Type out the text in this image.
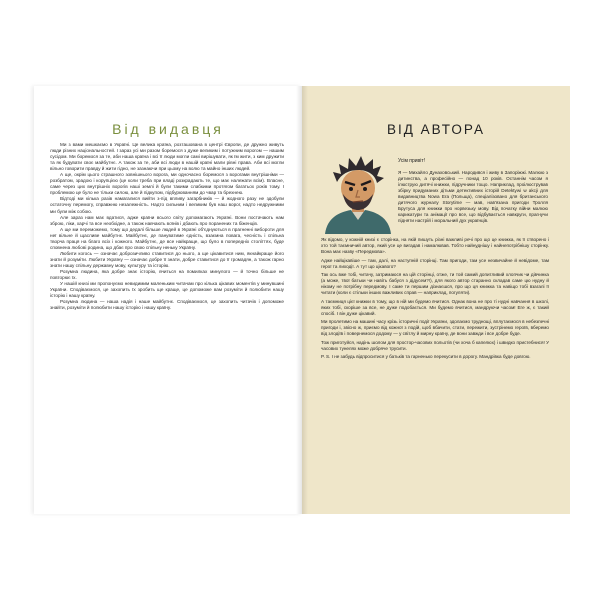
Від видавця

Ми з вами мешкаємо в Україні. Це велика країна, розташована в центрі Європи, де дружно живуть люди різних національностей. І зараз усі ми разом боремося з дуже великим і потужним ворогом — нашим сусідом. Ми боремося за те, аби наша країна і всі її люди могли самі вирішувати, як їм жити, з ким дружити та як будувати своє майбутнє. А також за те, аби всі люди в нашій країні мали рівні права. Аби всі могли вільно говорити правду й жити гідно, не зазнаючи при цьому на волю та майно інших людей.

А ще, окрім цього страшного зовнішнього ворога, ми одночасно боремося з ворогами внутрішніми — розбратом, зрадою і корупцією (це коли треба при владі розкрадають те, що має належати всім). Власне, саме через цих внутрішніх ворогів наші землі й були такими слабкими протягом багатьох років тому. І проблемою це було не тільки силою, але й підкупом, підбурюванням до чвар та брехнею.

Відтоді ми кілька разів намагалися вийти з-під впливу загарбників — й жодного разу не здобули остаточну перемогу, справжню незалежність. Надто сильним і великим був наш ворог, надто недружними ми були між собою.

Але зараз нам має вдатися, адже країни всього світу допомагають Україні. Вони постачають нам зброю, ліки, харчі та все необхідне, а також навчають воїнів і дбають про поранених та біженців.

А ще ми переможемо, тому що дедалі більше людей в Україні об'єднуються в прагненні вибороти для неї вільне й щасливе майбутнє. Майбутнє, де пануватиме єдність, взаємна повага, чесність і спільна творча праця на благо всіх і кожного. Майбутнє, де все найкраще, що було в попередніх століттях, буде сповнена любові родина, що дбає про свою спільну неньку Україну.

Любити когось — означає доброзичливо ставитися до нього, а ще цікавитися ним, якнайкраще його знати й розуміти. Любити Україну — означає добре її знати, добре ставитися до її громадян, а також гарно знати нашу спільну державну мову, культуру та історію.

Розумна людина, яка добре знає історію, вчиться на помилках минулого — й точно більше не повторює їх.

У нашій книзі ми пропонуємо невидимим маленьким читачам про кілька цікавих моментів у минувшині України. Сподіваємося, це захопить їх зробить ще краще, це допоможе вам розуміти й полюбити нашу історію і нашу країну.

Розумна людина — наша надія і наше майбутнє. Сподіваємося, це захопить читачів і допоможе знайти, розуміти й полюбити нашу історію і нашу країну.

ВІД АВТОРА
Усім привіт!

Я — Михайло Дунаховський. Народився і живу в Запоріжжі. Малюю з дитинства, а професійно — понад 10 років. Останнім часом я ілюструю дитячі книжки, підручники тощо. Наприклад, проілюстрував збірку придуманих дітьми детективних історій Detektywi w akcji для видавництва Nowa Era (Польща), спеціалізовано для британського дитячого журналу Storytime — мав, нав'язана пригоди Тролля Брутуса для книжки про норвезьку мову. Від початку війни малюю карикатури та анімації про все, що відбувається навкруги, прагнучи підняти настрій і моральний дух українців.

Як відомо, у кожній книзі є сторінка, на якій пишуть різні важливі речі про що це книжка, як її створено і хто той таємничий автор, який усе це вигадав і намалював. Тобто найнуднішу і найнепотрібнішу сторінку. Вона має назву «Передмова».

Адже найцікавіше — там, далі, на наступній сторінці. Там пригоди, там усе незвичайне й невідоме, там герої та лиходії. А тут що цікавого?

Так ось вже тобі, читачу, затримаюся на цій сторінці, отже, ти той самий допитливий хлопчик чи дівчинка (а може, твої батьки чи навіть бабуся з дідусем?!), для якого автор старанно складав саме цю нудну й нікому не потрібну передмову. І саме ти першим дізнаєшся, про що ця книжка та навіщо тобі взагалі її читати (коли є стільки інших важливих справ — наприклад, погуляти).

А таємниця цієї книжки в тому, що в ній ми будемо вчитися. Однак вона не про ті нудні навчання в школі, яких тобі, скоріше за все, не дуже подобається. Ми будемо вчитися, мандруючи часом! Еге ж, є такий спосіб. І він дуже цікавий.

Ми пролетимо на машині часу крізь історичні події України, здолаємо труднощі, вплутаємося в небезпечні пригоди і, звісно ж, приємо від кожної з подій, щоб вбачити, стати, пережити, зустрінемо героїв, вберемо від злодіїв і повернемося додому — у світлу й мирну країну, де вони завжди і все добре буде.

Тож приготуйся, надінь шолом для простор-часових польотів (чи хоча б капелюх) і швидко пристебнися! У часових тунелях може добряче трусити.

P. S. І не забудь відпроситися у батьків та гарненько перекусити в дорогу. Мандрівка буде довгою.
